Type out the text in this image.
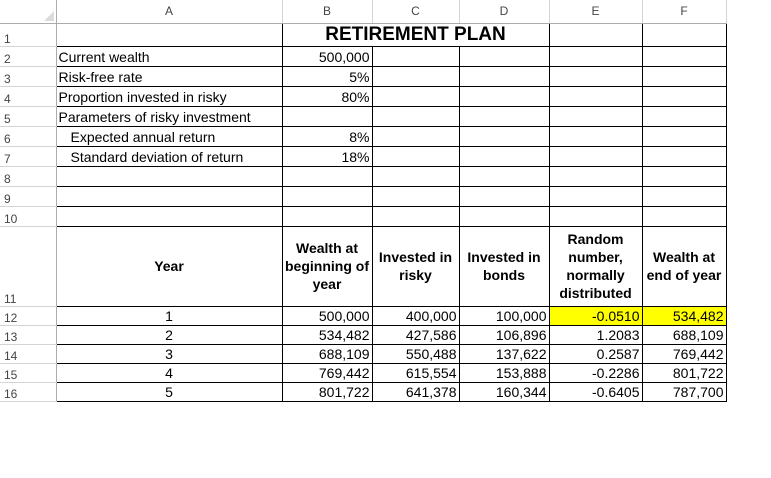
	A	B	C	D	E	F
1		RETIREMENT PLAN				
2	Current wealth	500,000				
3	Risk-free rate	5%				
4	Proportion invested in risky	80%				
5	Parameters of risky investment					
6	Expected annual return	8%				
7	Standard deviation of return	18%				
8						
9						
10						
11	Year	Wealth at beginning of year	Invested in risky	Invested in bonds	Random number, normally distributed	Wealth at end of year
12	1	500,000	400,000	100,000	-0.0510	534,482
13	2	534,482	427,586	106,896	1.2083	688,109
14	3	688,109	550,488	137,622	0.2587	769,442
15	4	769,442	615,554	153,888	-0.2286	801,722
16	5	801,722	641,378	160,344	-0.6405	787,700
